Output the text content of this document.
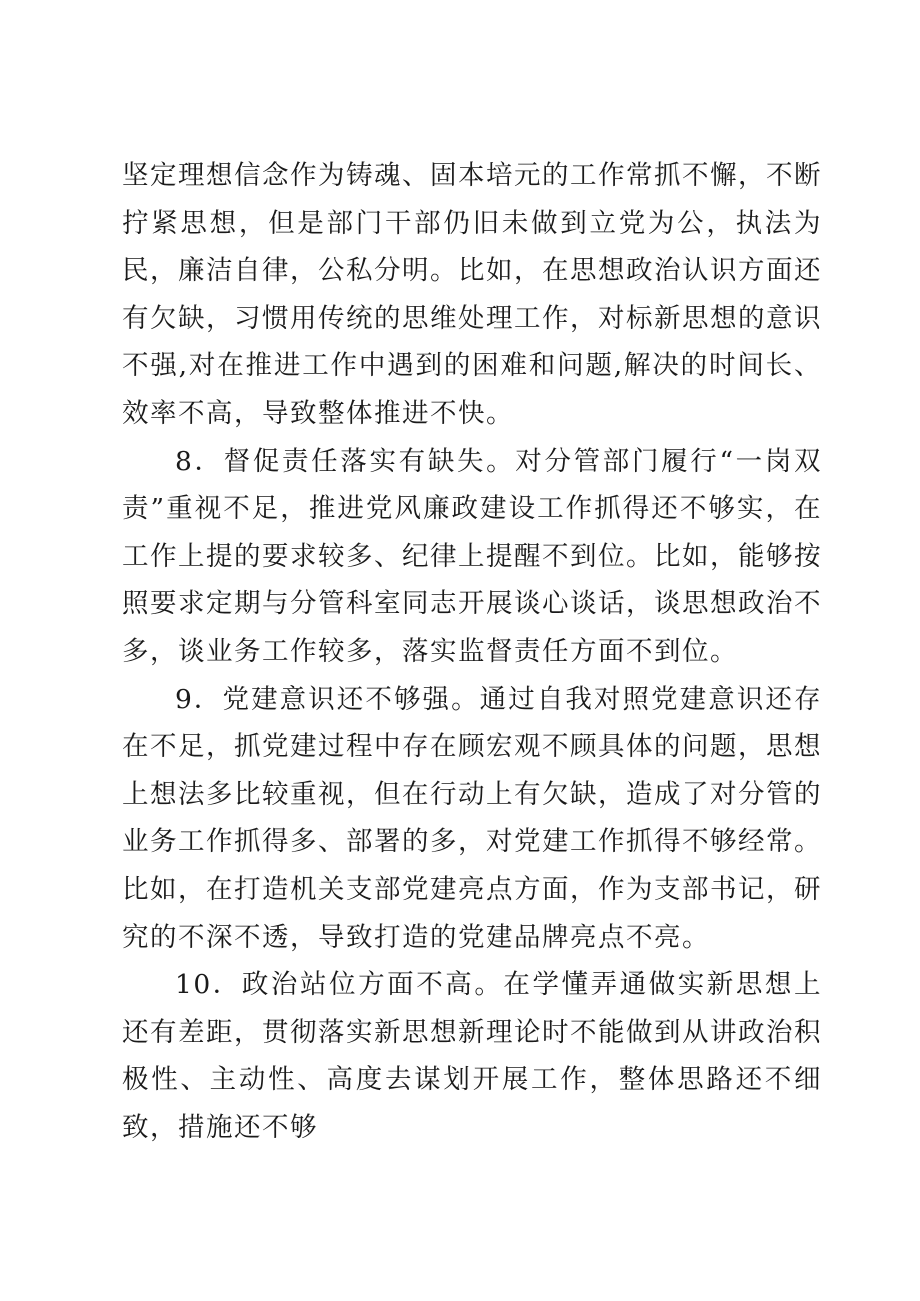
坚定理想信念作为铸魂、固本培元的工作常抓不懈，不断拧紧思想，但是部门干部仍旧未做到立党为公，执法为民，廉洁自律，公私分明。比如，在思想政治认识方面还有欠缺，习惯用传统的思维处理工作，对标新思想的意识不强,对在推进工作中遇到的困难和问题,解决的时间长、效率不高，导致整体推进不快。

8．督促责任落实有缺失。对分管部门履行“一岗双责”重视不足，推进党风廉政建设工作抓得还不够实，在工作上提的要求较多、纪律上提醒不到位。比如，能够按照要求定期与分管科室同志开展谈心谈话，谈思想政治不多，谈业务工作较多，落实监督责任方面不到位。

9．党建意识还不够强。通过自我对照党建意识还存在不足，抓党建过程中存在顾宏观不顾具体的问题，思想上想法多比较重视，但在行动上有欠缺，造成了对分管的业务工作抓得多、部署的多，对党建工作抓得不够经常。比如，在打造机关支部党建亮点方面，作为支部书记，研究的不深不透，导致打造的党建品牌亮点不亮。

10．政治站位方面不高。在学懂弄通做实新思想上还有差距，贯彻落实新思想新理论时不能做到从讲政治积极性、主动性、高度去谋划开展工作，整体思路还不细致，措施还不够
